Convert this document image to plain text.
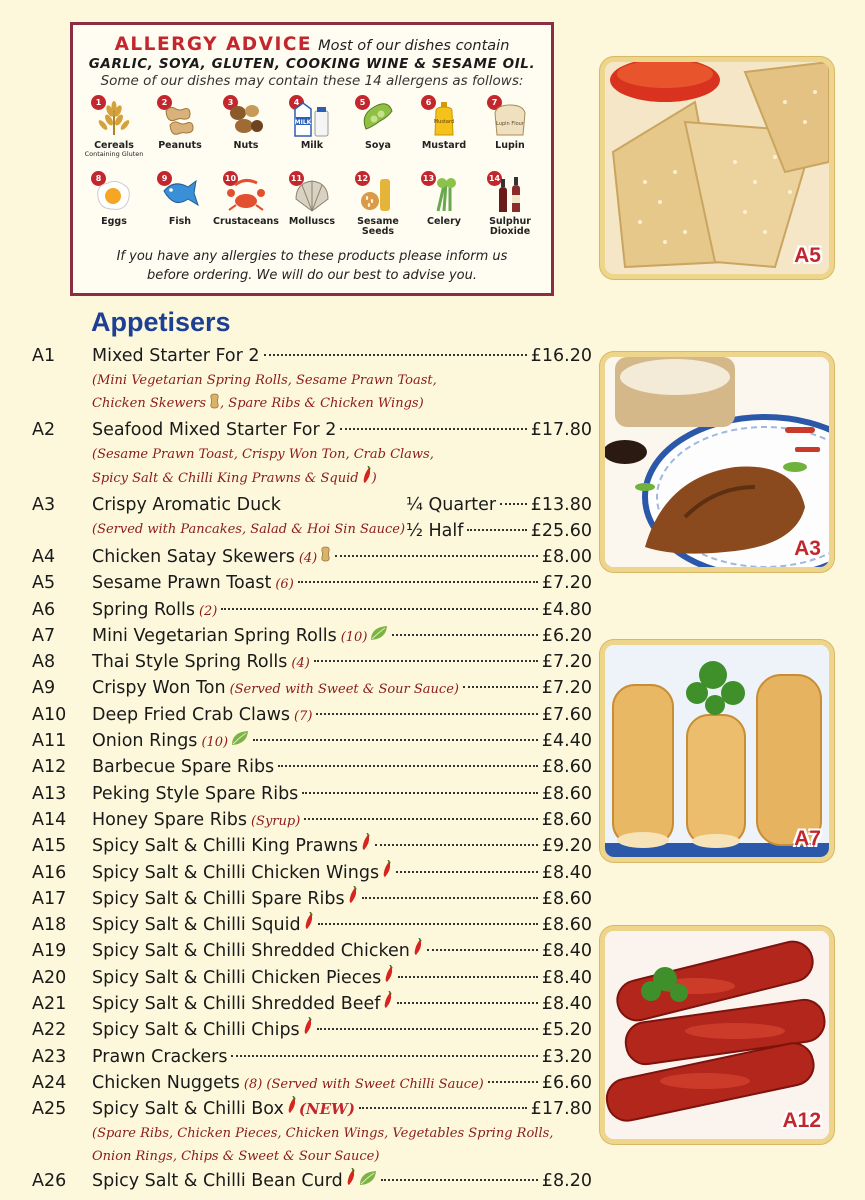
ALLERGY ADVICE Most of our dishes contain
GARLIC, SOYA, GLUTEN, COOKING WINE & SESAME OIL.
Some of our dishes may contain these 14 allergens as follows:
1
Cereals
Containing Gluten
2
Peanuts
3
Nuts
4
MILK
Milk
5
Soya
6
Mustard
Mustard
7
Lupin Flour
Lupin
8
Eggs
9
Fish
10
Crustaceans
11
Molluscs
12
Sesame Seeds
13
Celery
14
Sulphur Dioxide
If you have any allergies to these products please inform us
before ordering. We will do our best to advise you.
Appetisers
A1	Mixed Starter For 2	£16.20
(Mini Vegetarian Spring Rolls, Sesame Prawn Toast,
Chicken Skewers , Spare Ribs & Chicken Wings)
A2	Seafood Mixed Starter For 2	£17.80
(Sesame Prawn Toast, Crispy Won Ton, Crab Claws,
Spicy Salt & Chilli King Prawns & Squid )
A3	Crispy Aromatic Duck	¼ Quarter £13.80
(Served with Pancakes, Salad & Hoi Sin Sauce) ½ Half	£25.60
A4	Chicken Satay Skewers (4)	£8.00
A5	Sesame Prawn Toast (6)	£7.20
A6	Spring Rolls (2)	£4.80
A7	Mini Vegetarian Spring Rolls (10)	£6.20
A8	Thai Style Spring Rolls (4)	£7.20
A9	Crispy Won Ton (Served with Sweet & Sour Sauce)	£7.20
A10	Deep Fried Crab Claws (7)	£7.60
A11	Onion Rings (10)	£4.40
A12	Barbecue Spare Ribs	£8.60
A13	Peking Style Spare Ribs	£8.60
A14	Honey Spare Ribs (Syrup)	£8.60
A15	Spicy Salt & Chilli King Prawns	£9.20
A16	Spicy Salt & Chilli Chicken Wings	£8.40
A17	Spicy Salt & Chilli Spare Ribs	£8.60
A18	Spicy Salt & Chilli Squid	£8.60
A19	Spicy Salt & Chilli Shredded Chicken	£8.40
A20	Spicy Salt & Chilli Chicken Pieces	£8.40
A21	Spicy Salt & Chilli Shredded Beef	£8.40
A22	Spicy Salt & Chilli Chips	£5.20
A23	Prawn Crackers	£3.20
A24	Chicken Nuggets (8) (Served with Sweet Chilli Sauce)	£6.60
A25	Spicy Salt & Chilli Box (NEW)	£17.80
(Spare Ribs, Chicken Pieces, Chicken Wings, Vegetables Spring Rolls,
Onion Rings, Chips & Sweet & Sour Sauce)
A26	Spicy Salt & Chilli Bean Curd	£8.20
A5
A3
A7
A12
